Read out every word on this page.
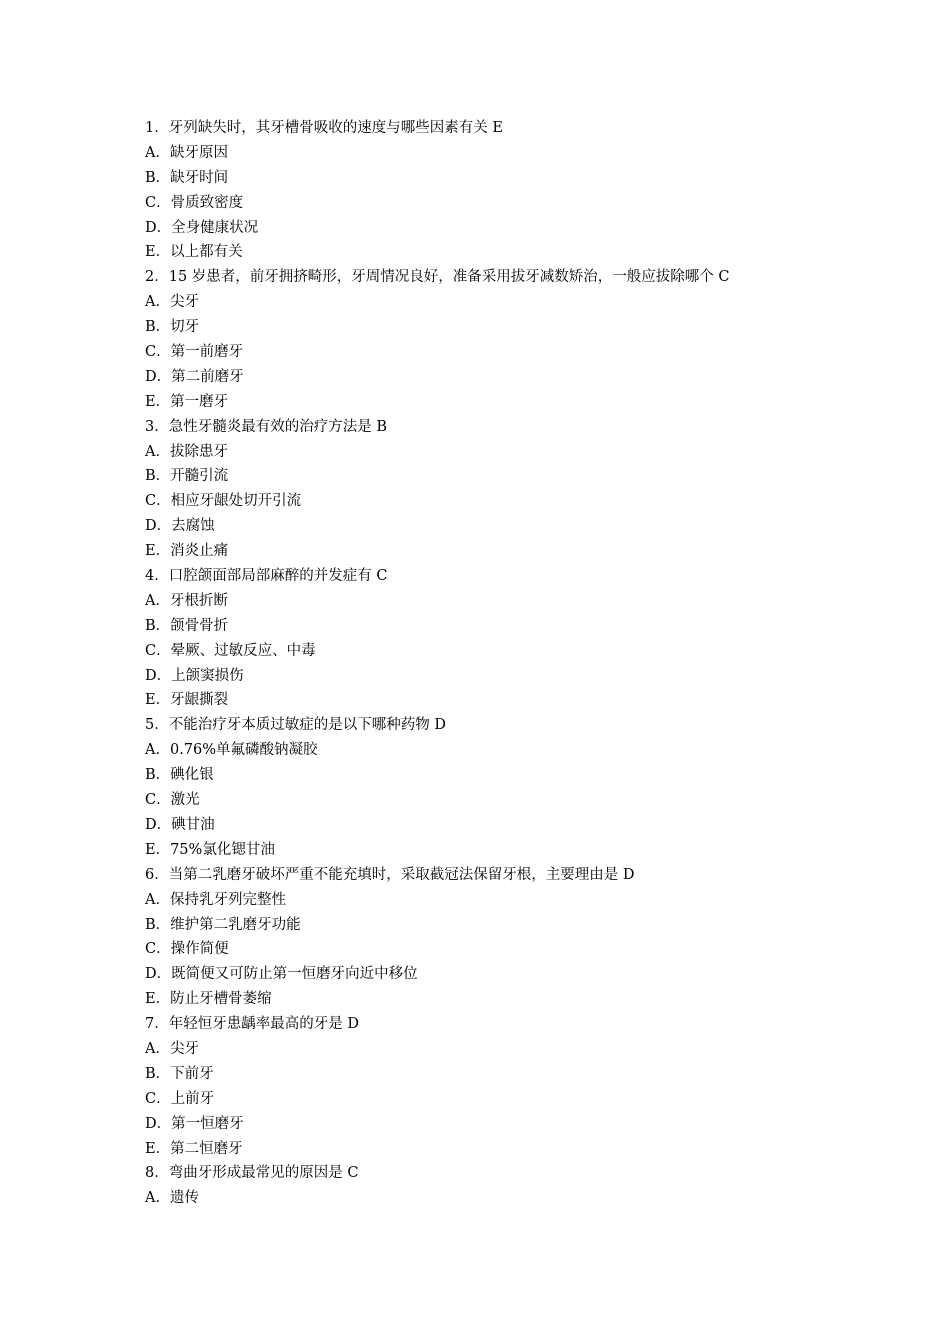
1．牙列缺失时，其牙槽骨吸收的速度与哪些因素有关 E
A．缺牙原因
B．缺牙时间
C．骨质致密度
D．全身健康状况
E．以上都有关
2．15 岁患者，前牙拥挤畸形，牙周情况良好，准备采用拔牙减数矫治，一般应拔除哪个 C
A．尖牙
B．切牙
C．第一前磨牙
D．第二前磨牙
E．第一磨牙
3．急性牙髓炎最有效的治疗方法是 B
A．拔除患牙
B．开髓引流
C．相应牙龈处切开引流
D．去腐蚀
E．消炎止痛
4．口腔颌面部局部麻醉的并发症有 C
A．牙根折断
B．颌骨骨折
C．晕厥、过敏反应、中毒
D．上颌窦损伤
E．牙龈撕裂
5．不能治疗牙本质过敏症的是以下哪种药物 D
A．0.76%单氟磷酸钠凝胶
B．碘化银
C．激光
D．碘甘油
E．75%氯化锶甘油
6．当第二乳磨牙破坏严重不能充填时，采取截冠法保留牙根，主要理由是 D
A．保持乳牙列完整性
B．维护第二乳磨牙功能
C．操作简便
D．既简便又可防止第一恒磨牙向近中移位
E．防止牙槽骨萎缩
7．年轻恒牙患龋率最高的牙是 D
A．尖牙
B．下前牙
C．上前牙
D．第一恒磨牙
E．第二恒磨牙
8．弯曲牙形成最常见的原因是 C
A．遗传
